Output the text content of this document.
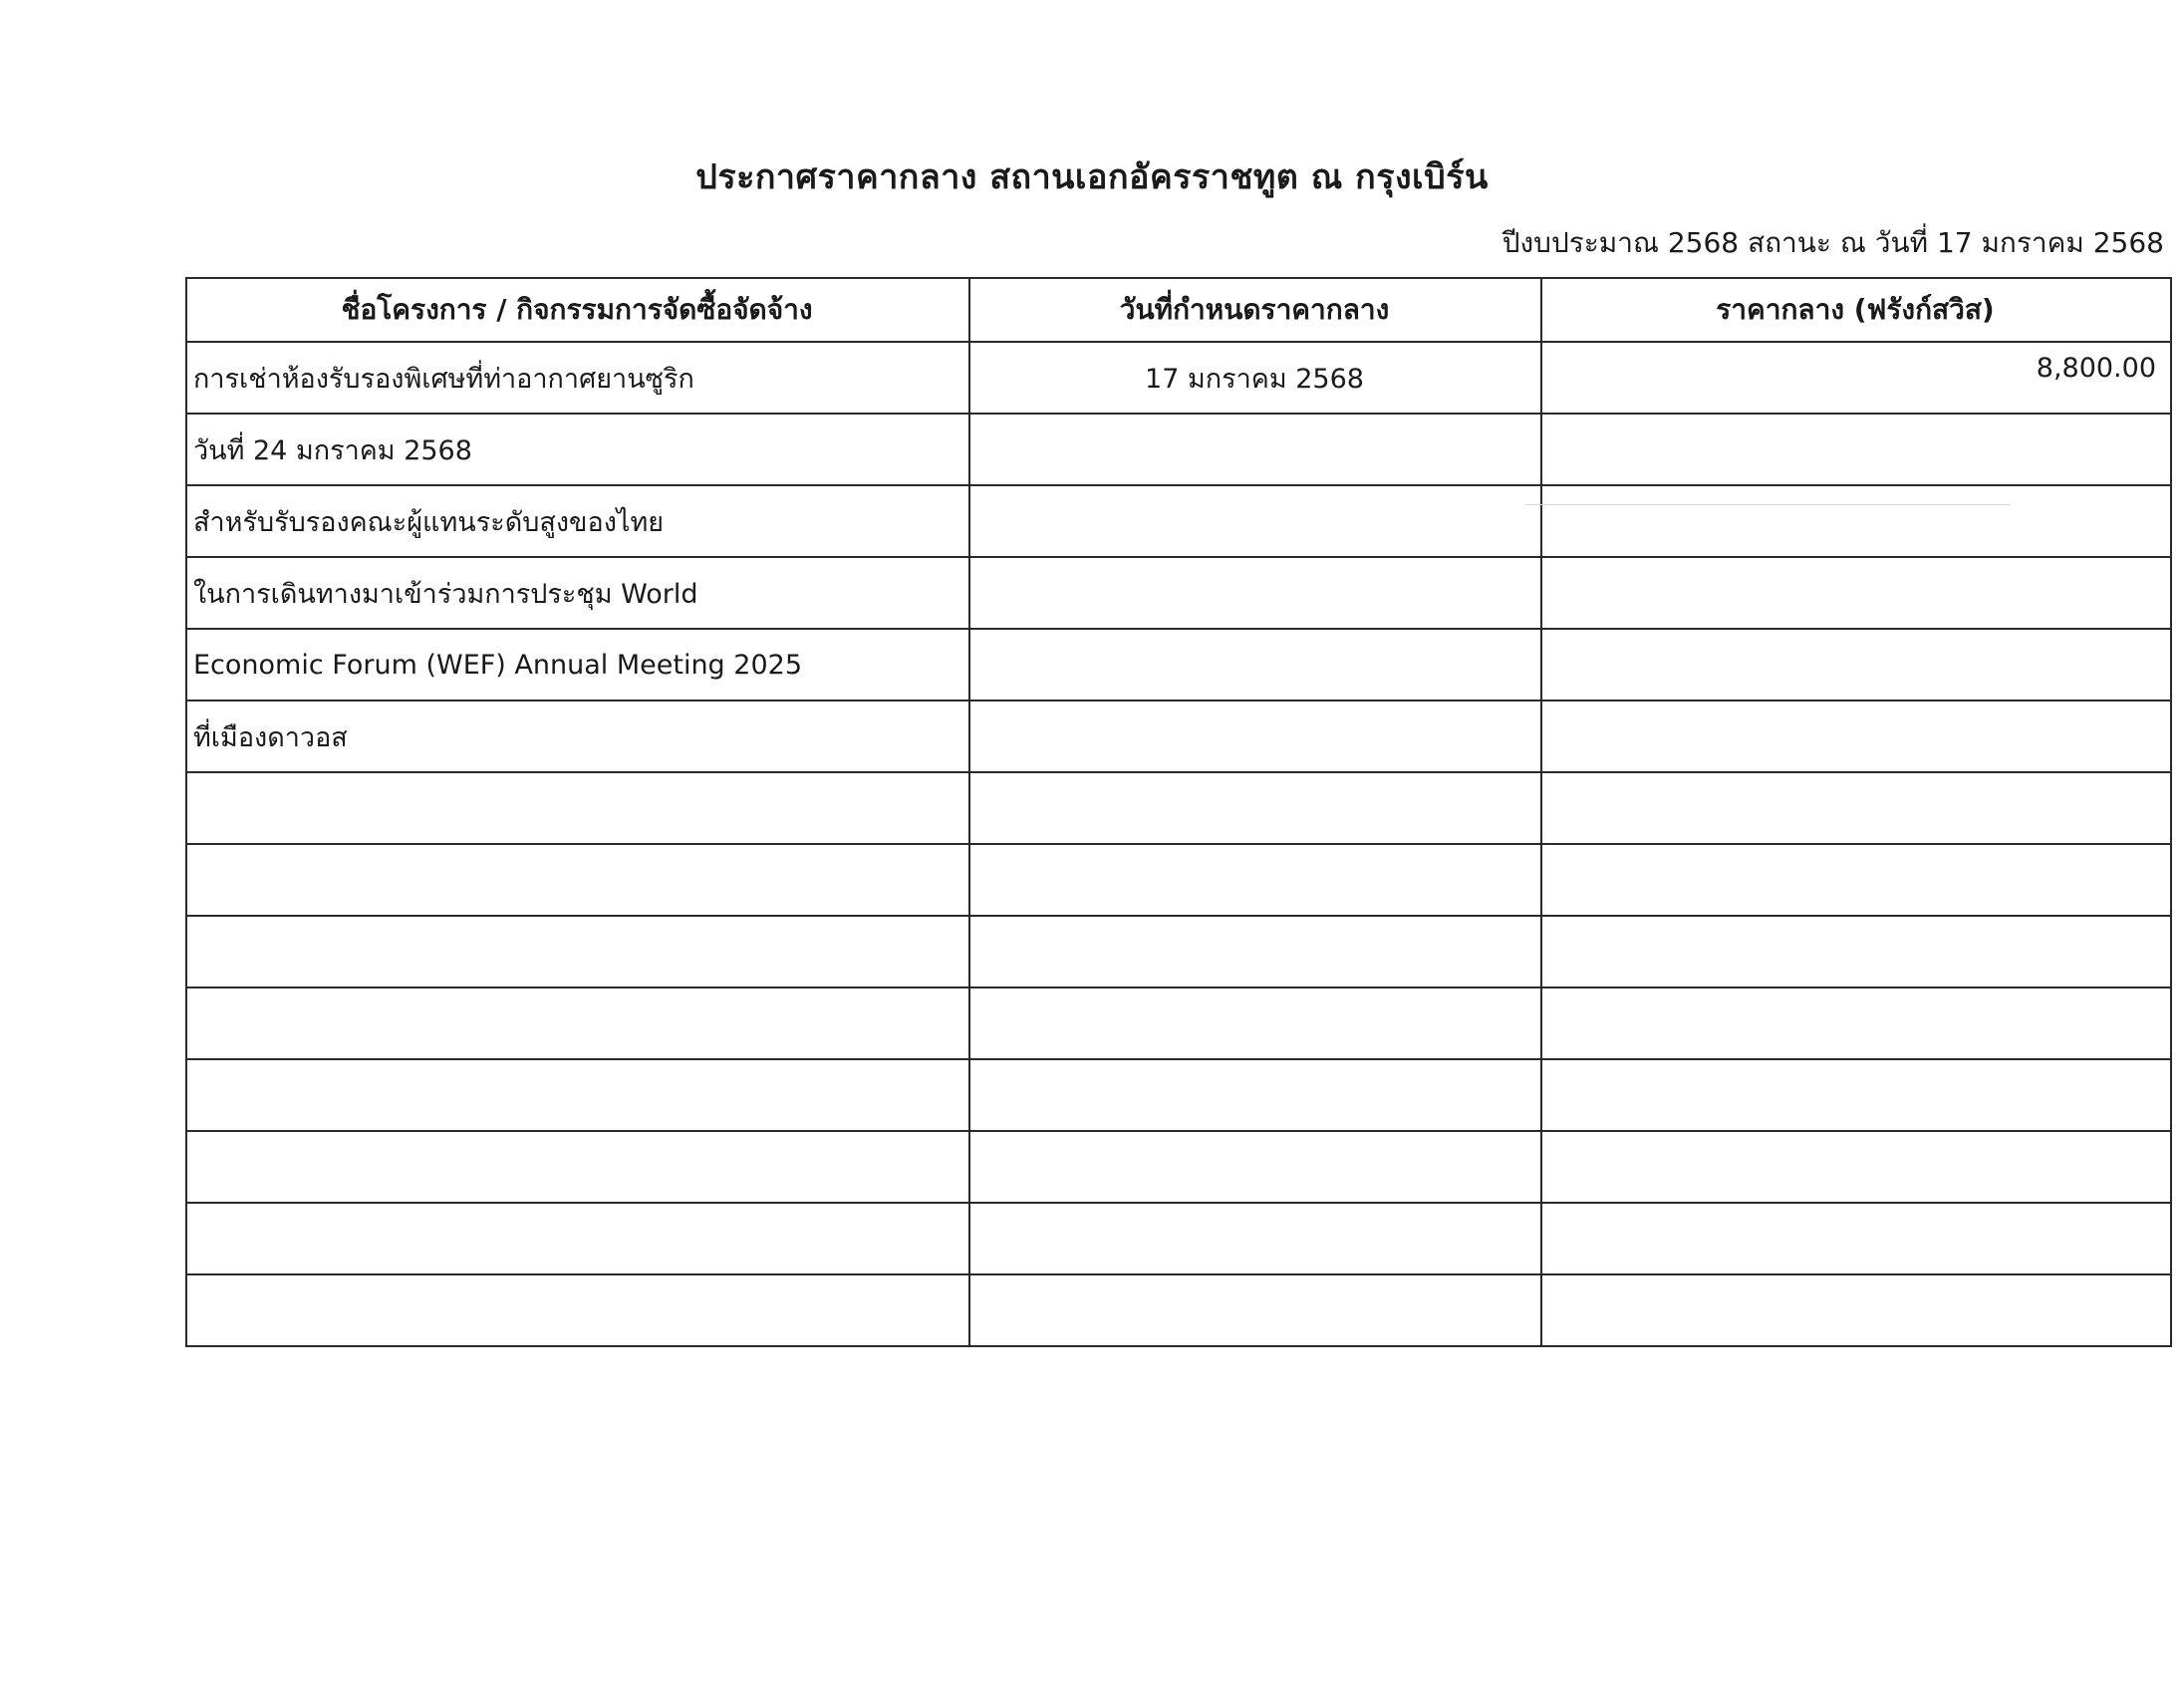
ประกาศราคากลาง สถานเอกอัครราชทูต ณ กรุงเบิร์น
ปีงบประมาณ 2568 สถานะ ณ วันที่ 17 มกราคม 2568
ชื่อโครงการ / กิจกรรมการจัดซื้อจัดจ้าง	วันที่กำหนดราคากลาง	ราคากลาง (ฟรังก์สวิส)
การเช่าห้องรับรองพิเศษที่ท่าอากาศยานซูริก	17 มกราคม 2568	8,800.00
วันที่ 24 มกราคม 2568		
สำหรับรับรองคณะผู้แทนระดับสูงของไทย		
ในการเดินทางมาเข้าร่วมการประชุม World		
Economic Forum (WEF) Annual Meeting 2025		
ที่เมืองดาวอส		
